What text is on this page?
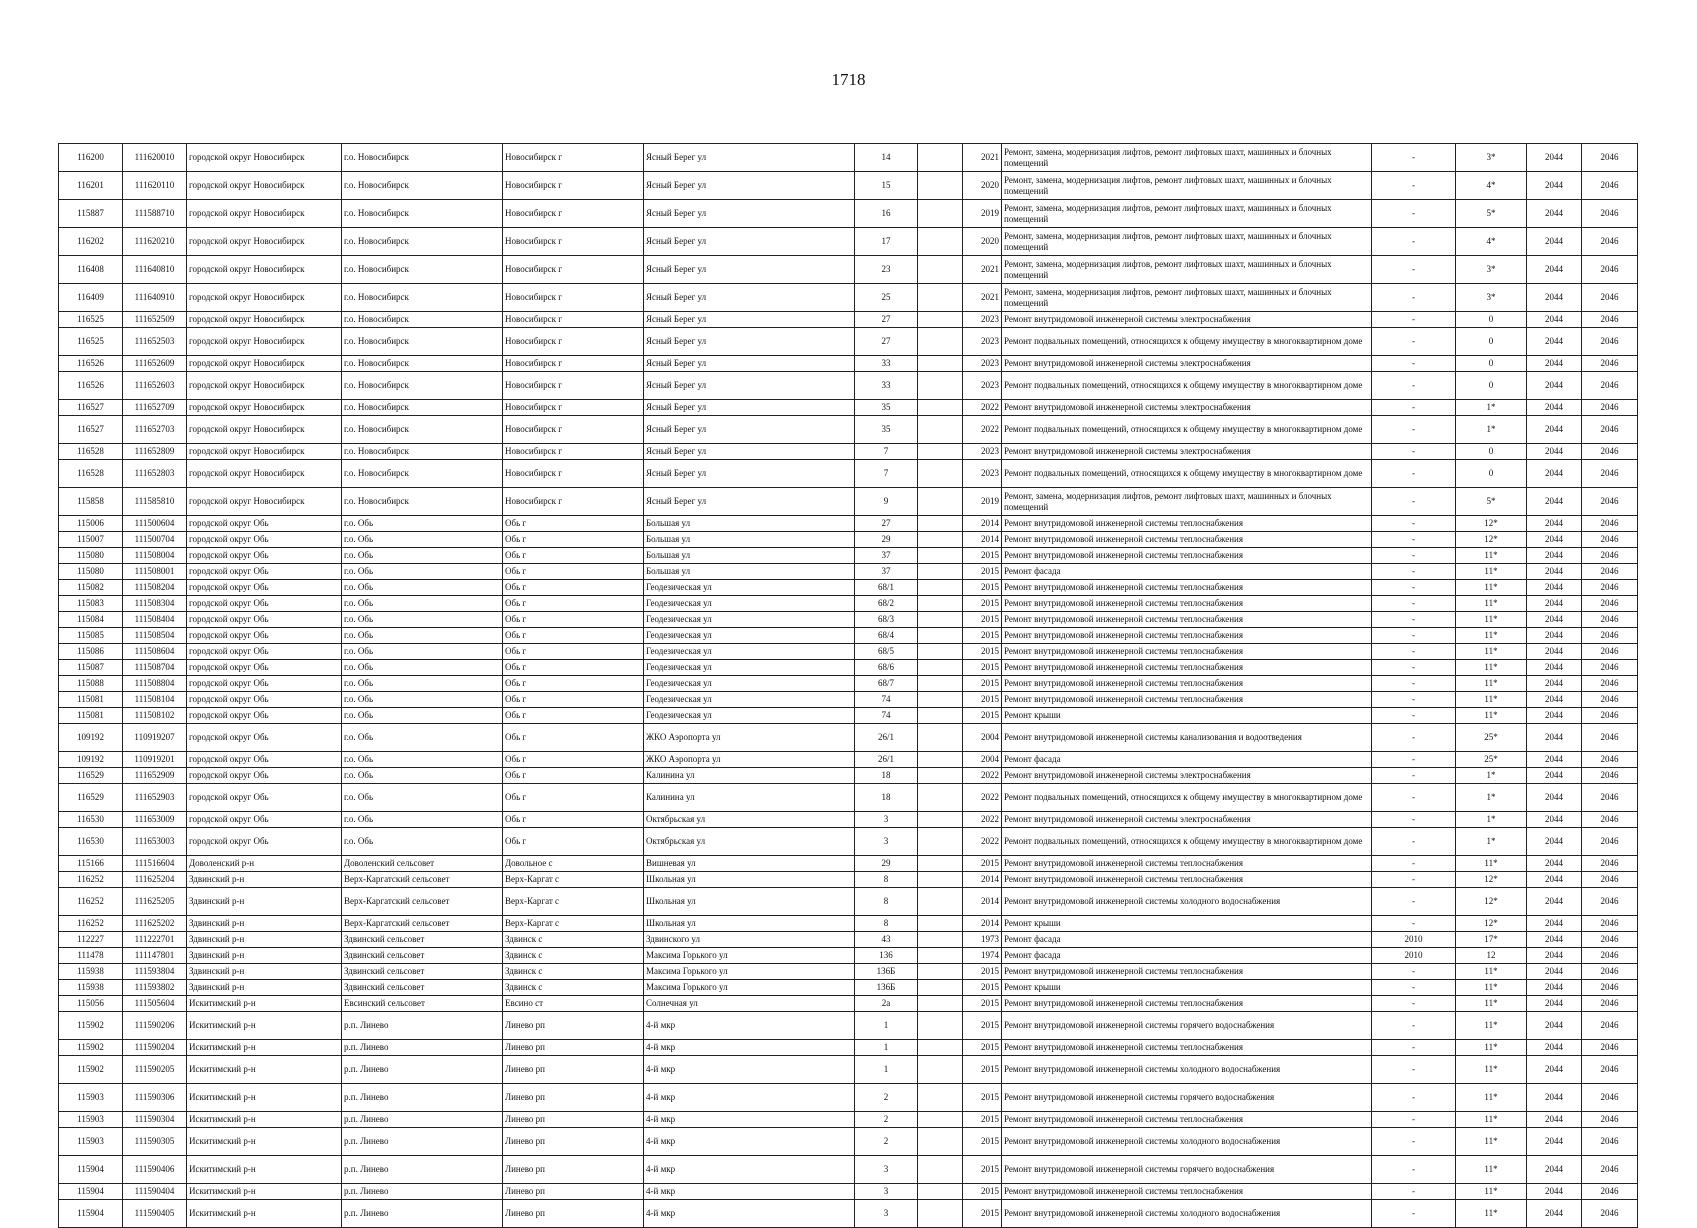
1718
116200	111620010	городской округ Новосибирск	г.о. Новосибирск	Новосибирск г	Ясный Берег ул	14		2021	Ремонт, замена, модернизация лифтов, ремонт лифтовых шахт, машинных и блочных помещений	-	3*	2044	2046
116201	111620110	городской округ Новосибирск	г.о. Новосибирск	Новосибирск г	Ясный Берег ул	15		2020	Ремонт, замена, модернизация лифтов, ремонт лифтовых шахт, машинных и блочных помещений	-	4*	2044	2046
115887	111588710	городской округ Новосибирск	г.о. Новосибирск	Новосибирск г	Ясный Берег ул	16		2019	Ремонт, замена, модернизация лифтов, ремонт лифтовых шахт, машинных и блочных помещений	-	5*	2044	2046
116202	111620210	городской округ Новосибирск	г.о. Новосибирск	Новосибирск г	Ясный Берег ул	17		2020	Ремонт, замена, модернизация лифтов, ремонт лифтовых шахт, машинных и блочных помещений	-	4*	2044	2046
116408	111640810	городской округ Новосибирск	г.о. Новосибирск	Новосибирск г	Ясный Берег ул	23		2021	Ремонт, замена, модернизация лифтов, ремонт лифтовых шахт, машинных и блочных помещений	-	3*	2044	2046
116409	111640910	городской округ Новосибирск	г.о. Новосибирск	Новосибирск г	Ясный Берег ул	25		2021	Ремонт, замена, модернизация лифтов, ремонт лифтовых шахт, машинных и блочных помещений	-	3*	2044	2046
116525	111652509	городской округ Новосибирск	г.о. Новосибирск	Новосибирск г	Ясный Берег ул	27		2023	Ремонт внутридомовой инженерной системы электроснабжения	-	0	2044	2046
116525	111652503	городской округ Новосибирск	г.о. Новосибирск	Новосибирск г	Ясный Берег ул	27		2023	Ремонт подвальных помещений, относящихся к общему имуществу в многоквартирном доме	-	0	2044	2046
116526	111652609	городской округ Новосибирск	г.о. Новосибирск	Новосибирск г	Ясный Берег ул	33		2023	Ремонт внутридомовой инженерной системы электроснабжения	-	0	2044	2046
116526	111652603	городской округ Новосибирск	г.о. Новосибирск	Новосибирск г	Ясный Берег ул	33		2023	Ремонт подвальных помещений, относящихся к общему имуществу в многоквартирном доме	-	0	2044	2046
116527	111652709	городской округ Новосибирск	г.о. Новосибирск	Новосибирск г	Ясный Берег ул	35		2022	Ремонт внутридомовой инженерной системы электроснабжения	-	1*	2044	2046
116527	111652703	городской округ Новосибирск	г.о. Новосибирск	Новосибирск г	Ясный Берег ул	35		2022	Ремонт подвальных помещений, относящихся к общему имуществу в многоквартирном доме	-	1*	2044	2046
116528	111652809	городской округ Новосибирск	г.о. Новосибирск	Новосибирск г	Ясный Берег ул	7		2023	Ремонт внутридомовой инженерной системы электроснабжения	-	0	2044	2046
116528	111652803	городской округ Новосибирск	г.о. Новосибирск	Новосибирск г	Ясный Берег ул	7		2023	Ремонт подвальных помещений, относящихся к общему имуществу в многоквартирном доме	-	0	2044	2046
115858	111585810	городской округ Новосибирск	г.о. Новосибирск	Новосибирск г	Ясный Берег ул	9		2019	Ремонт, замена, модернизация лифтов, ремонт лифтовых шахт, машинных и блочных помещений	-	5*	2044	2046
115006	111500604	городской округ Обь	г.о. Обь	Обь г	Большая ул	27		2014	Ремонт внутридомовой инженерной системы теплоснабжения	-	12*	2044	2046
115007	111500704	городской округ Обь	г.о. Обь	Обь г	Большая ул	29		2014	Ремонт внутридомовой инженерной системы теплоснабжения	-	12*	2044	2046
115080	111508004	городской округ Обь	г.о. Обь	Обь г	Большая ул	37		2015	Ремонт внутридомовой инженерной системы теплоснабжения	-	11*	2044	2046
115080	111508001	городской округ Обь	г.о. Обь	Обь г	Большая ул	37		2015	Ремонт фасада	-	11*	2044	2046
115082	111508204	городской округ Обь	г.о. Обь	Обь г	Геодезическая ул	68/1		2015	Ремонт внутридомовой инженерной системы теплоснабжения	-	11*	2044	2046
115083	111508304	городской округ Обь	г.о. Обь	Обь г	Геодезическая ул	68/2		2015	Ремонт внутридомовой инженерной системы теплоснабжения	-	11*	2044	2046
115084	111508404	городской округ Обь	г.о. Обь	Обь г	Геодезическая ул	68/3		2015	Ремонт внутридомовой инженерной системы теплоснабжения	-	11*	2044	2046
115085	111508504	городской округ Обь	г.о. Обь	Обь г	Геодезическая ул	68/4		2015	Ремонт внутридомовой инженерной системы теплоснабжения	-	11*	2044	2046
115086	111508604	городской округ Обь	г.о. Обь	Обь г	Геодезическая ул	68/5		2015	Ремонт внутридомовой инженерной системы теплоснабжения	-	11*	2044	2046
115087	111508704	городской округ Обь	г.о. Обь	Обь г	Геодезическая ул	68/6		2015	Ремонт внутридомовой инженерной системы теплоснабжения	-	11*	2044	2046
115088	111508804	городской округ Обь	г.о. Обь	Обь г	Геодезическая ул	68/7		2015	Ремонт внутридомовой инженерной системы теплоснабжения	-	11*	2044	2046
115081	111508104	городской округ Обь	г.о. Обь	Обь г	Геодезическая ул	74		2015	Ремонт внутридомовой инженерной системы теплоснабжения	-	11*	2044	2046
115081	111508102	городской округ Обь	г.о. Обь	Обь г	Геодезическая ул	74		2015	Ремонт крыши	-	11*	2044	2046
109192	110919207	городской округ Обь	г.о. Обь	Обь г	ЖКО Аэропорта ул	26/1		2004	Ремонт внутридомовой инженерной системы канализования и водоотведения	-	25*	2044	2046
109192	110919201	городской округ Обь	г.о. Обь	Обь г	ЖКО Аэропорта ул	26/1		2004	Ремонт фасада	-	25*	2044	2046
116529	111652909	городской округ Обь	г.о. Обь	Обь г	Калинина ул	18		2022	Ремонт внутридомовой инженерной системы электроснабжения	-	1*	2044	2046
116529	111652903	городской округ Обь	г.о. Обь	Обь г	Калинина ул	18		2022	Ремонт подвальных помещений, относящихся к общему имуществу в многоквартирном доме	-	1*	2044	2046
116530	111653009	городской округ Обь	г.о. Обь	Обь г	Октябрьская ул	3		2022	Ремонт внутридомовой инженерной системы электроснабжения	-	1*	2044	2046
116530	111653003	городской округ Обь	г.о. Обь	Обь г	Октябрьская ул	3		2022	Ремонт подвальных помещений, относящихся к общему имуществу в многоквартирном доме	-	1*	2044	2046
115166	111516604	Доволенский р-н	Доволенский сельсовет	Довольное с	Вишневая ул	29		2015	Ремонт внутридомовой инженерной системы теплоснабжения	-	11*	2044	2046
116252	111625204	Здвинский р-н	Верх-Каргатский сельсовет	Верх-Каргат с	Школьная ул	8		2014	Ремонт внутридомовой инженерной системы теплоснабжения	-	12*	2044	2046
116252	111625205	Здвинский р-н	Верх-Каргатский сельсовет	Верх-Каргат с	Школьная ул	8		2014	Ремонт внутридомовой инженерной системы холодного водоснабжения	-	12*	2044	2046
116252	111625202	Здвинский р-н	Верх-Каргатский сельсовет	Верх-Каргат с	Школьная ул	8		2014	Ремонт крыши	-	12*	2044	2046
112227	111222701	Здвинский р-н	Здвинский сельсовет	Здвинск с	Здвинского ул	43		1973	Ремонт фасада	2010	17*	2044	2046
111478	111147801	Здвинский р-н	Здвинский сельсовет	Здвинск с	Максима Горького ул	136		1974	Ремонт фасада	2010	12	2044	2046
115938	111593804	Здвинский р-н	Здвинский сельсовет	Здвинск с	Максима Горького ул	136Б		2015	Ремонт внутридомовой инженерной системы теплоснабжения	-	11*	2044	2046
115938	111593802	Здвинский р-н	Здвинский сельсовет	Здвинск с	Максима Горького ул	136Б		2015	Ремонт крыши	-	11*	2044	2046
115056	111505604	Искитимский р-н	Евсинский сельсовет	Евсино ст	Солнечная ул	2а		2015	Ремонт внутридомовой инженерной системы теплоснабжения	-	11*	2044	2046
115902	111590206	Искитимский р-н	р.п. Линево	Линево рп	4-й мкр	1		2015	Ремонт внутридомовой инженерной системы горячего водоснабжения	-	11*	2044	2046
115902	111590204	Искитимский р-н	р.п. Линево	Линево рп	4-й мкр	1		2015	Ремонт внутридомовой инженерной системы теплоснабжения	-	11*	2044	2046
115902	111590205	Искитимский р-н	р.п. Линево	Линево рп	4-й мкр	1		2015	Ремонт внутридомовой инженерной системы холодного водоснабжения	-	11*	2044	2046
115903	111590306	Искитимский р-н	р.п. Линево	Линево рп	4-й мкр	2		2015	Ремонт внутридомовой инженерной системы горячего водоснабжения	-	11*	2044	2046
115903	111590304	Искитимский р-н	р.п. Линево	Линево рп	4-й мкр	2		2015	Ремонт внутридомовой инженерной системы теплоснабжения	-	11*	2044	2046
115903	111590305	Искитимский р-н	р.п. Линево	Линево рп	4-й мкр	2		2015	Ремонт внутридомовой инженерной системы холодного водоснабжения	-	11*	2044	2046
115904	111590406	Искитимский р-н	р.п. Линево	Линево рп	4-й мкр	3		2015	Ремонт внутридомовой инженерной системы горячего водоснабжения	-	11*	2044	2046
115904	111590404	Искитимский р-н	р.п. Линево	Линево рп	4-й мкр	3		2015	Ремонт внутридомовой инженерной системы теплоснабжения	-	11*	2044	2046
115904	111590405	Искитимский р-н	р.п. Линево	Линево рп	4-й мкр	3		2015	Ремонт внутридомовой инженерной системы холодного водоснабжения	-	11*	2044	2046
